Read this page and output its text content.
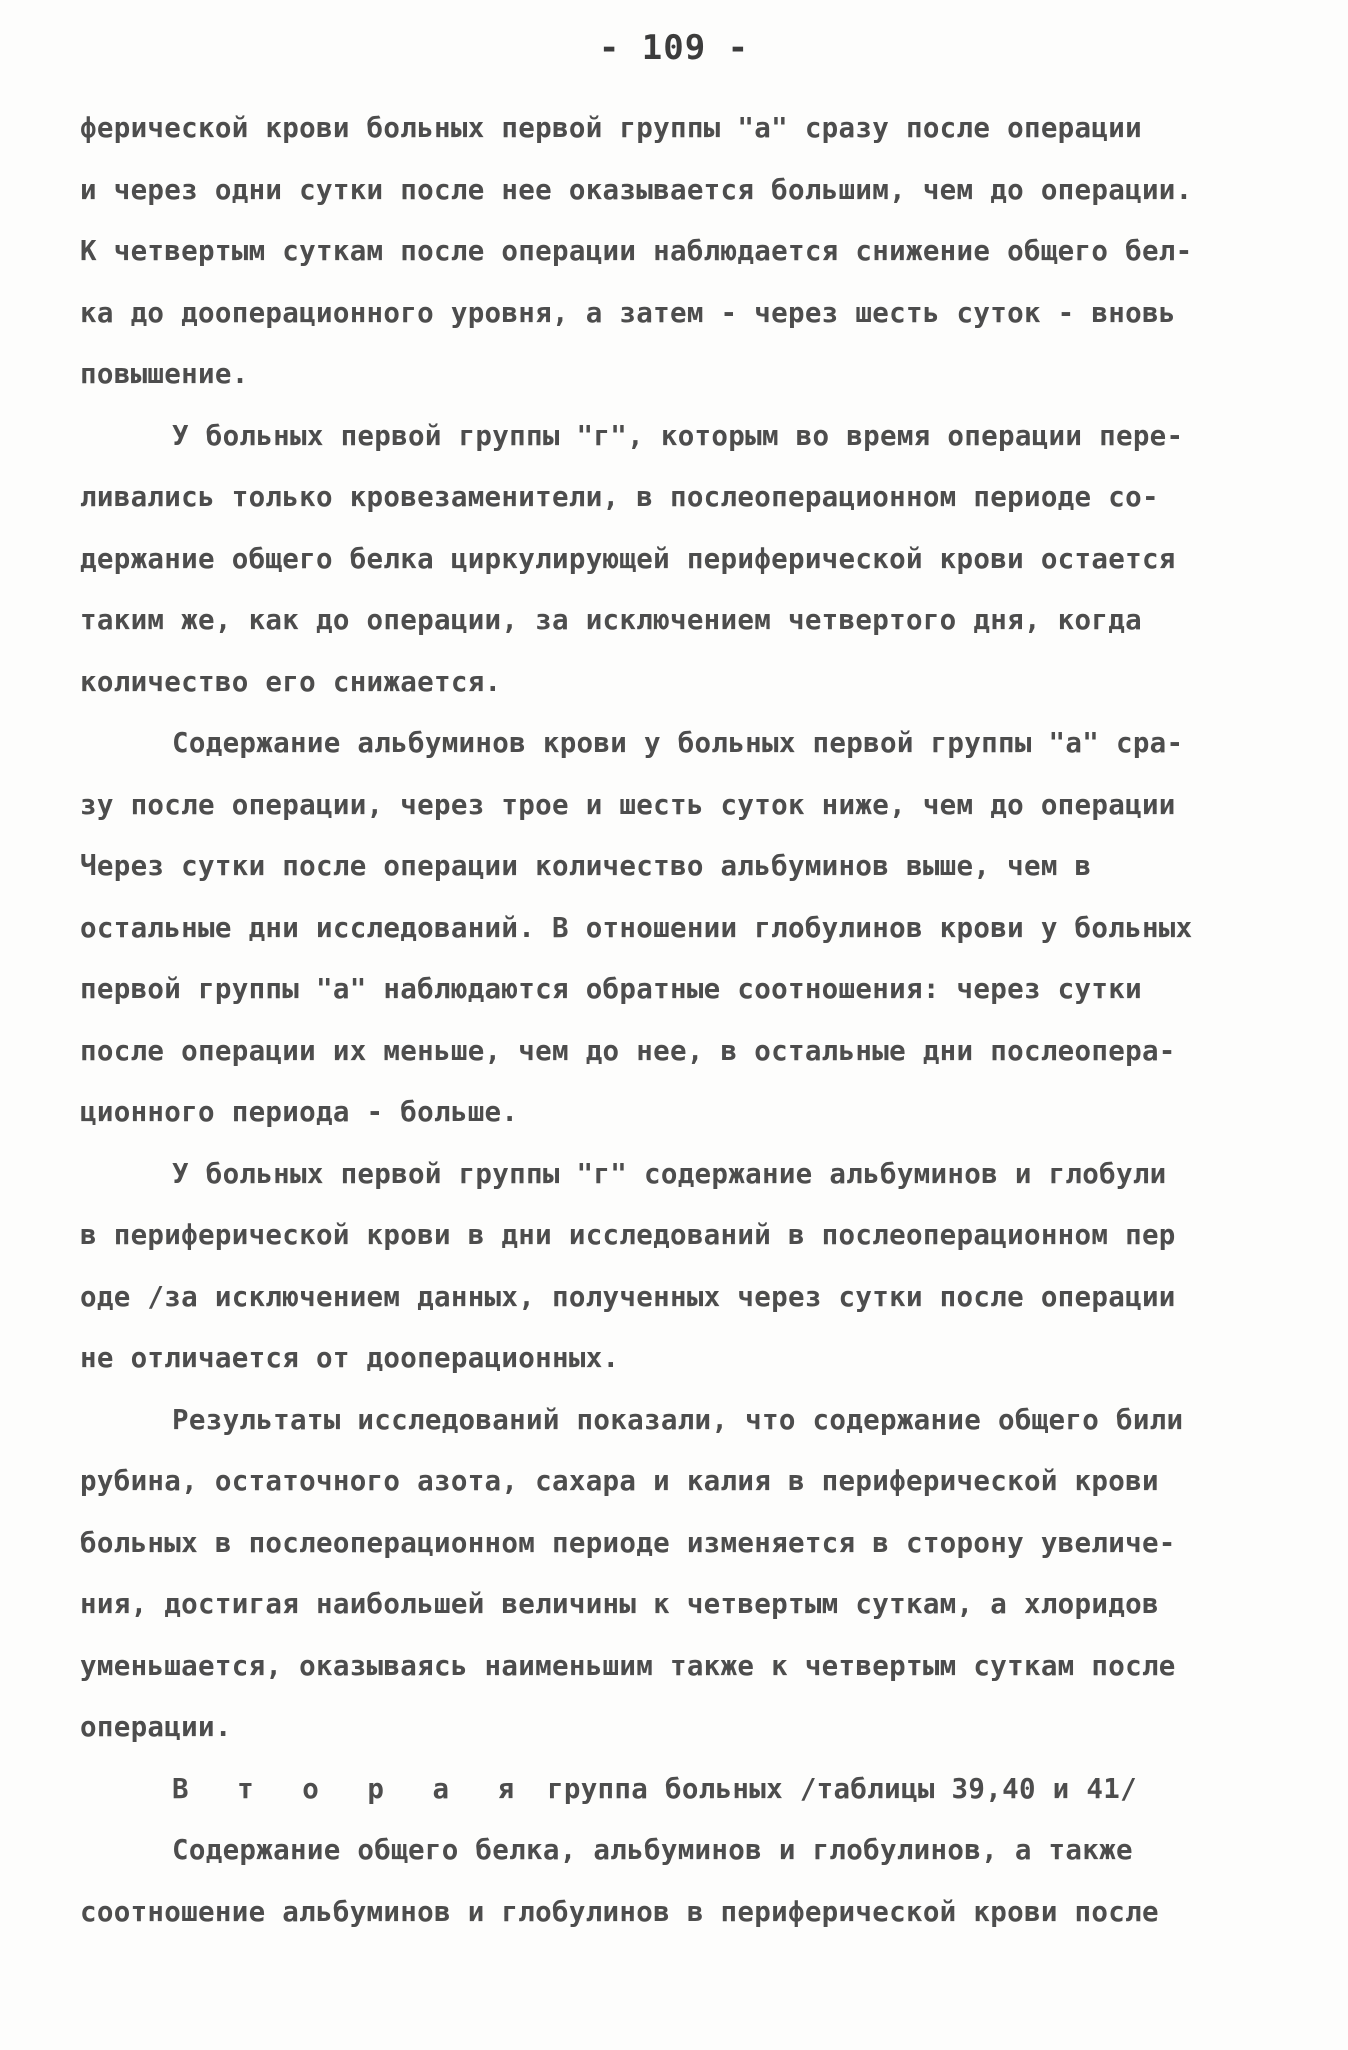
- 109 -
ферической крови больных первой группы "а" сразу после операции
и через одни сутки после нее оказывается большим, чем до операции.
К четвертым суткам после операции наблюдается снижение общего бел-
ка до дооперационного уровня, а затем - через шесть суток - вновь
повышение.
У больных первой группы "г", которым во время операции пере-
ливались только кровезаменители, в послеоперационном периоде со-
держание общего белка циркулирующей периферической крови остается
таким же, как до операции, за исключением четвертого дня, когда
количество его снижается.
Содержание альбуминов крови у больных первой группы "а" сра-
зу после операции, через трое и шесть суток ниже, чем до операции
Через сутки после операции количество альбуминов выше, чем в
остальные дни исследований. В отношении глобулинов крови у больных
первой группы "а" наблюдаются обратные соотношения: через сутки
после операции их меньше, чем до нее, в остальные дни послеопера-
ционного периода - больше.
У больных первой группы "г" содержание альбуминов и глобули
в периферической крови в дни исследований в послеоперационном пер
оде /за исключением данных, полученных через сутки после операции
не отличается от дооперационных.
Результаты исследований показали, что содержание общего били
рубина, остаточного азота, сахара и калия в периферической крови
больных в послеоперационном периоде изменяется в сторону увеличе-
ния, достигая наибольшей величины к четвертым суткам, а хлоридов
уменьшается, оказываясь наименьшим также к четвертым суткам после
операции.
В т о р а я группа больных /таблицы 39,40 и 41/
Содержание общего белка, альбуминов и глобулинов, а также
соотношение альбуминов и глобулинов в периферической крови после
